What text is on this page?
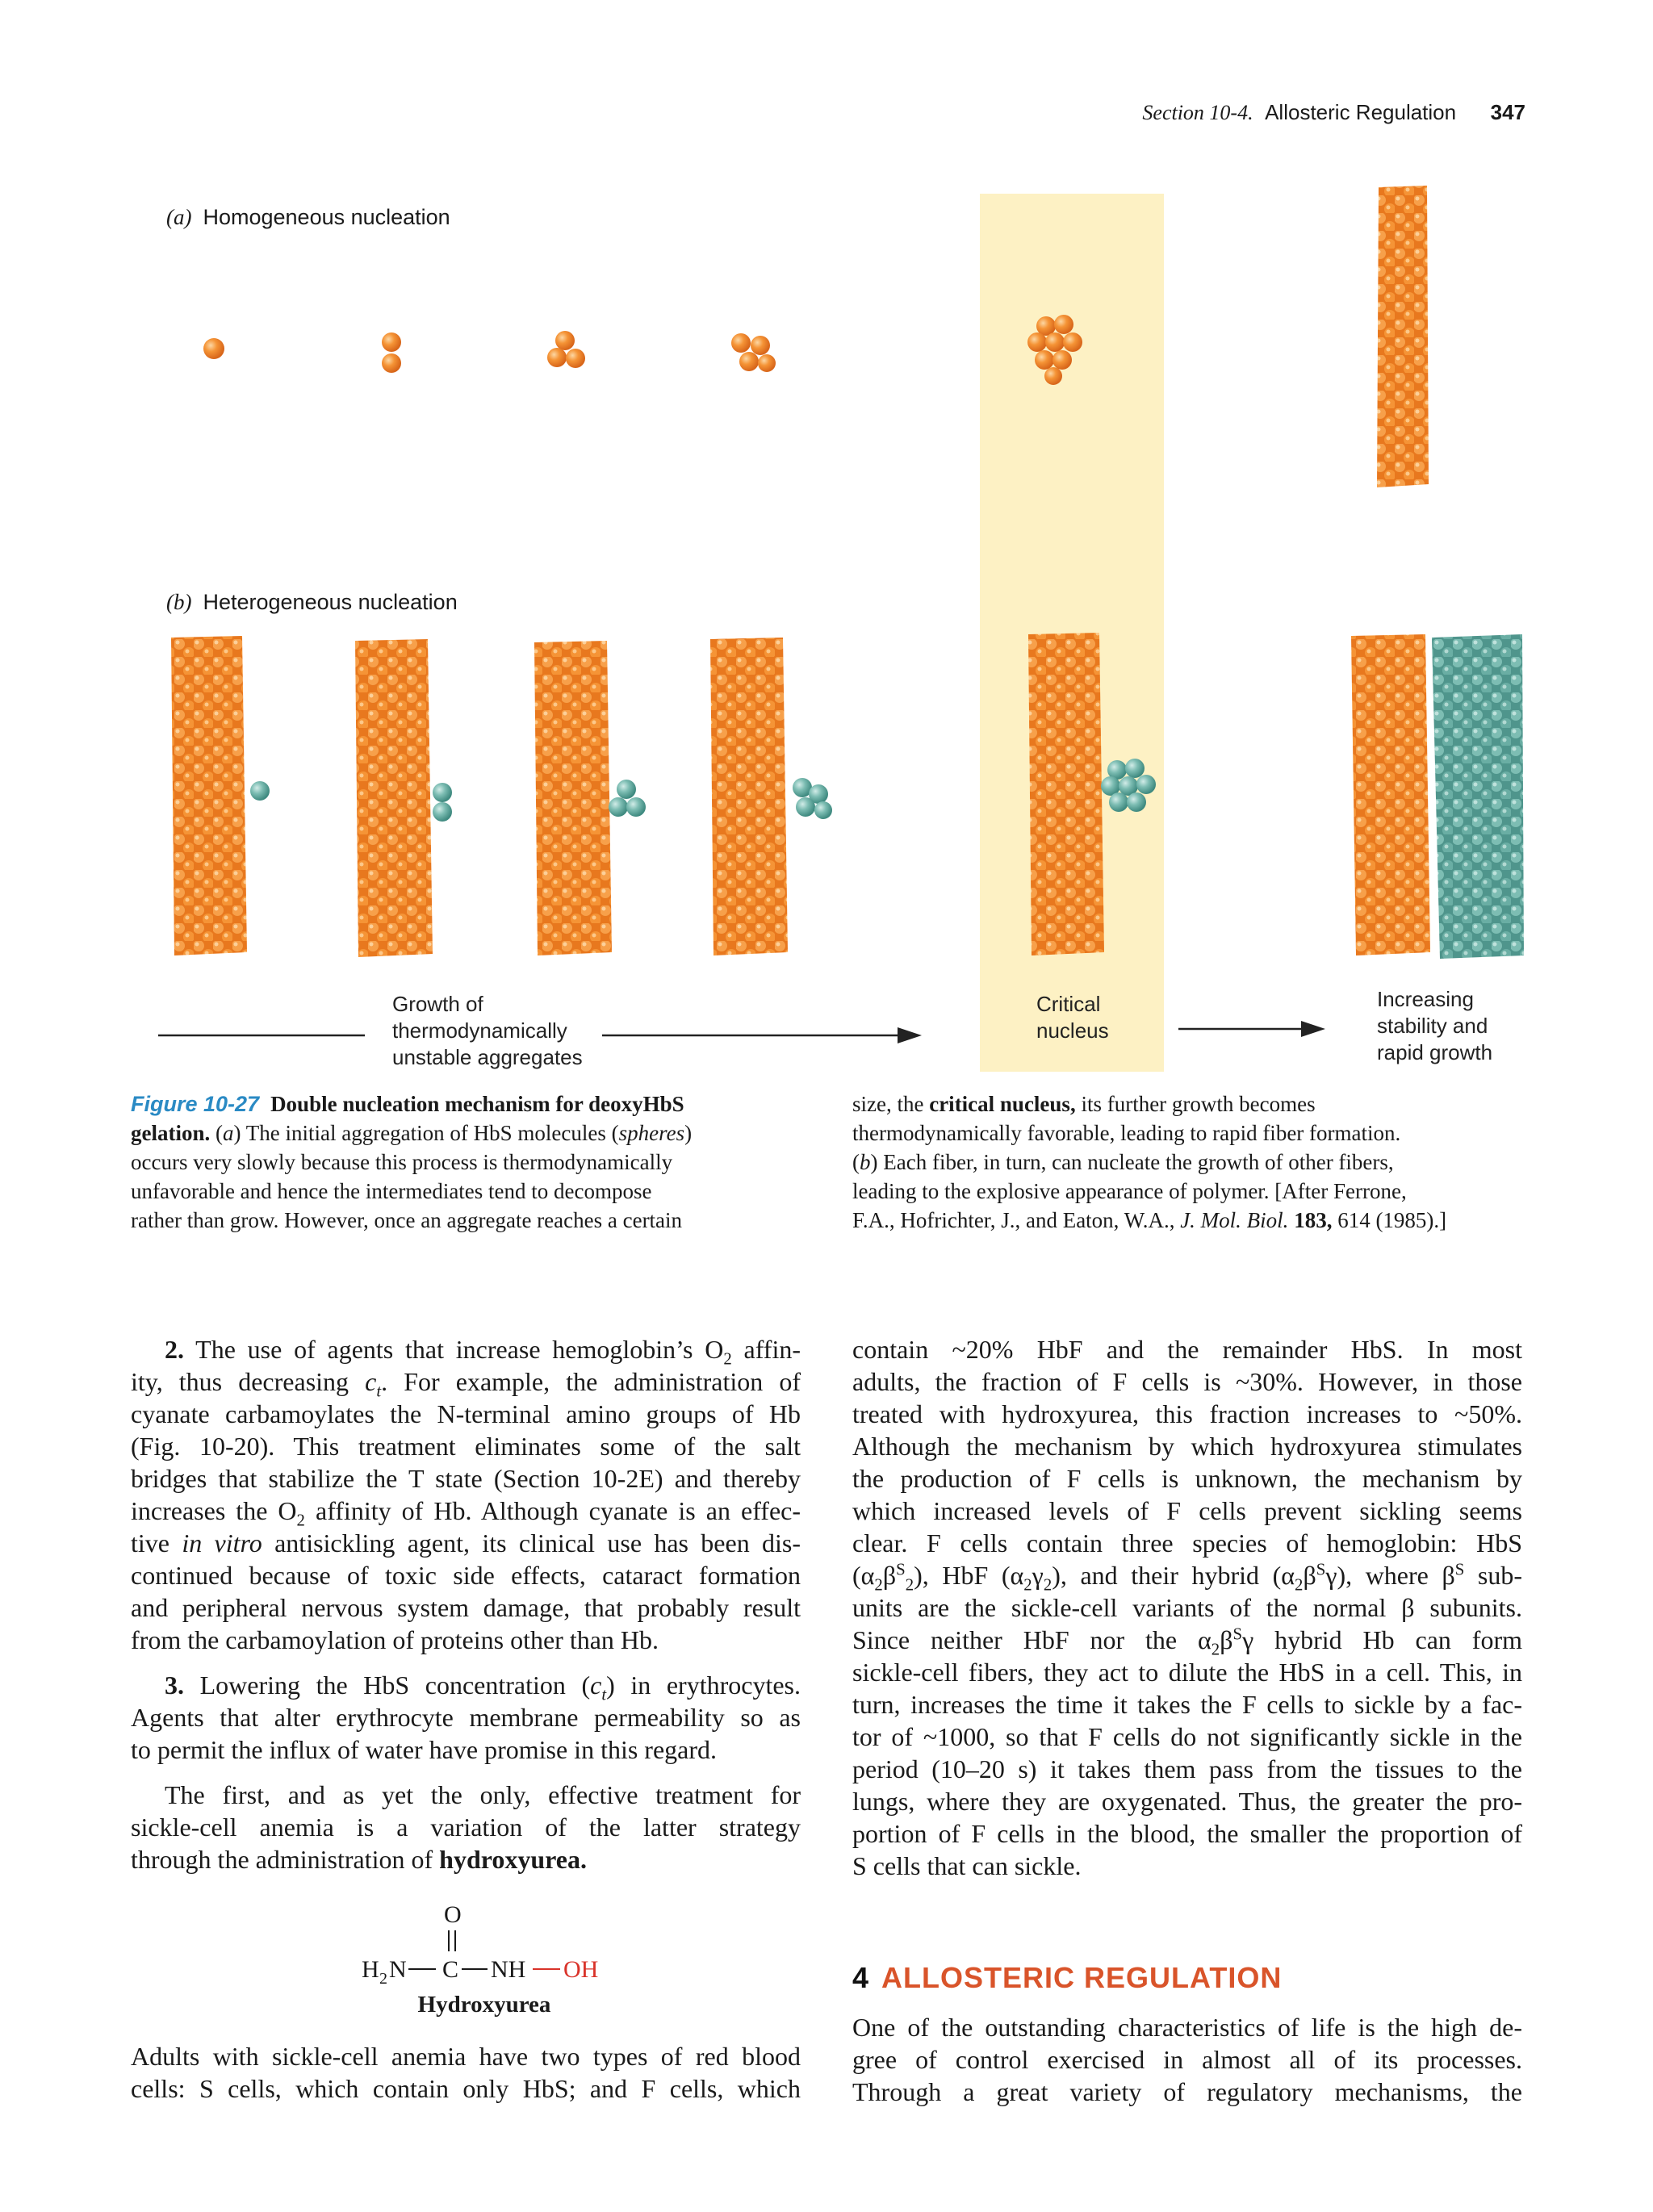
Section 10-4. Allosteric Regulation 347
(a) Homogeneous nucleation
(b) Heterogeneous nucleation
Growth of
thermodynamically
unstable aggregates
Critical
nucleus
Increasing
stability and
rapid growth
Figure 10-27 Double nucleation mechanism for deoxyHbS
gelation. (a) The initial aggregation of HbS molecules (spheres)
occurs very slowly because this process is thermodynamically
unfavorable and hence the intermediates tend to decompose
rather than grow. However, once an aggregate reaches a certain
size, the critical nucleus, its further growth becomes
thermodynamically favorable, leading to rapid fiber formation.
(b) Each fiber, in turn, can nucleate the growth of other fibers,
leading to the explosive appearance of polymer. [After Ferrone,
F.A., Hofrichter, J., and Eaton, W.A., J. Mol. Biol. 183, 614 (1985).]
2. The use of agents that increase hemoglobin’s $O_2$ affin-
ity, thus decreasing $c_t$. For example, the administration of
cyanate carbamoylates the N-terminal amino groups of Hb
(Fig. 10-20). This treatment eliminates some of the salt
bridges that stabilize the T state (Section 10-2E) and thereby
increases the $O_2$ affinity of Hb. Although cyanate is an effec-
tive in vitro antisickling agent, its clinical use has been dis-
continued because of toxic side effects, cataract formation
and peripheral nervous system damage, that probably result
from the carbamoylation of proteins other than Hb.
3. Lowering the HbS concentration $(c_t)$ in erythrocytes.
Agents that alter erythrocyte membrane permeability so as
to permit the influx of water have promise in this regard.
The first, and as yet the only, effective treatment for
sickle-cell anemia is a variation of the latter strategy
through the administration of hydroxyurea.
O
H 2 N C NH OH
Hydroxyurea
Adults with sickle-cell anemia have two types of red blood
cells: S cells, which contain only HbS; and F cells, which
contain ~20% HbF and the remainder HbS. In most
adults, the fraction of F cells is ~30%. However, in those
treated with hydroxyurea, this fraction increases to ~50%.
Although the mechanism by which hydroxyurea stimulates
the production of F cells is unknown, the mechanism by
which increased levels of F cells prevent sickling seems
clear. F cells contain three species of hemoglobin: HbS
$(\alpha_2\beta^S_2)$, HbF $(\alpha_2\gamma_2)$, and their hybrid $(\alpha_2\beta^S\gamma)$, where $\beta^S$ sub-
units are the sickle-cell variants of the normal β subunits.
Since neither HbF nor the $\alpha_2\beta^S\gamma$ hybrid Hb can form
sickle-cell fibers, they act to dilute the HbS in a cell. This, in
turn, increases the time it takes the F cells to sickle by a fac-
tor of ~1000, so that F cells do not significantly sickle in the
period (10–20 s) it takes them pass from the tissues to the
lungs, where they are oxygenated. Thus, the greater the pro-
portion of F cells in the blood, the smaller the proportion of
S cells that can sickle.
4 ALLOSTERIC REGULATION
One of the outstanding characteristics of life is the high de-
gree of control exercised in almost all of its processes.
Through a great variety of regulatory mechanisms, the
